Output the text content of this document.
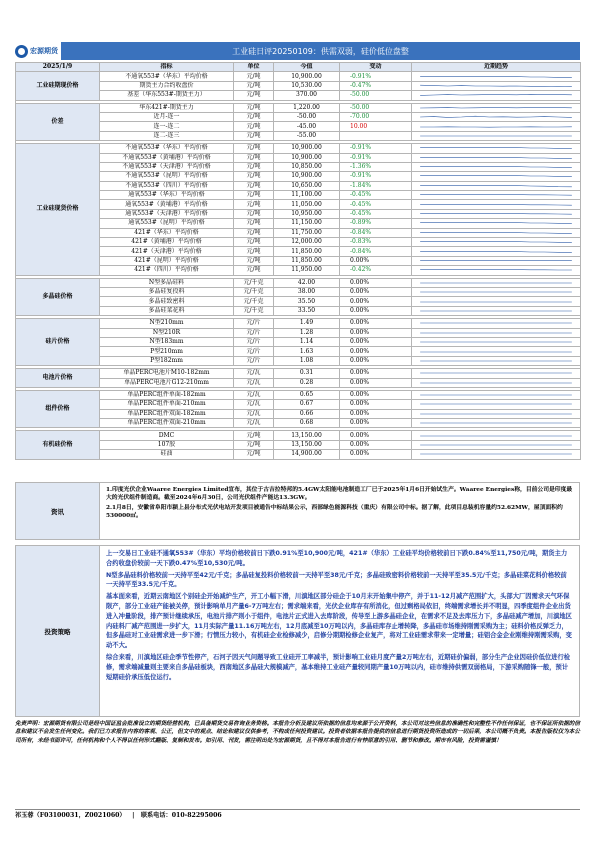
宏源期货	工业硅日评20250109：供需双弱，硅价低位盘整
2025/1/9	指标	单位	今值	变动	近期趋势
工业硅期现价格	不通氧553#（华东）平均价格	元/吨	10,900.00	-0.91%	

	期货主力合约收盘价	元/吨	10,530.00	-0.47%	

	基差（华东553#-期货主力）	元/吨	370.00	-50.00	

价差	华东421#-期货主力	元/吨	1,220.00	-50.00	

	近月-连一	元/吨	-50.00	-70.00	

	连一-连二	元/吨	-45.00	10.00	

	连二-连三	元/吨	-55.00		

工业硅现货价格	不通氧553#（华东）平均价格	元/吨	10,900.00	-0.91%	

	不通氧553#（黄埔港）平均价格	元/吨	10,900.00	-0.91%	

	不通氧553#（天津港）平均价格	元/吨	10,850.00	-1.36%	

	不通氧553#（昆明）平均价格	元/吨	10,900.00	-0.91%	

	不通氧553#（四川）平均价格	元/吨	10,650.00	-1.84%	

	通氧553#（华东）平均价格	元/吨	11,100.00	-0.45%	

	通氧553#（黄埔港）平均价格	元/吨	11,050.00	-0.45%	

	通氧553#（天津港）平均价格	元/吨	10,950.00	-0.45%	

	通氧553#（昆明）平均价格	元/吨	11,150.00	-0.89%	

	421#（华东）平均价格	元/吨	11,750.00	-0.84%	

	421#（黄埔港）平均价格	元/吨	12,000.00	-0.83%	

	421#（天津港）平均价格	元/吨	11,850.00	-0.84%	

	421#（昆明）平均价格	元/吨	11,850.00	0.00%	

	421#（四川）平均价格	元/吨	11,950.00	-0.42%	

多晶硅价格	N型多晶硅料	元/千克	42.00	0.00%	

	多晶硅复投料	元/千克	38.00	0.00%	

	多晶硅致密料	元/千克	35.50	0.00%	

	多晶硅菜花料	元/千克	33.50	0.00%	

硅片价格	N型210mm	元/片	1.49	0.00%	

	N型210R	元/片	1.28	0.00%	

	N型183mm	元/片	1.14	0.00%	

	P型210mm	元/片	1.63	0.00%	

	P型182mm	元/片	1.08	0.00%	

电池片价格	单晶PERC电池片M10-182mm	元/瓦	0.31	0.00%	

	单晶PERC电池片G12-210mm	元/瓦	0.28	0.00%	

组件价格	单晶PERC组件单面-182mm	元/瓦	0.65	0.00%	

	单晶PERC组件单面-210mm	元/瓦	0.67	0.00%	

	单晶PERC组件双面-182mm	元/瓦	0.66	0.00%	

	单晶PERC组件双面-210mm	元/瓦	0.68	0.00%	

有机硅价格	DMC	元/吨	13,150.00	0.00%	

	107胶	元/吨	13,150.00	0.00%	

	硅油	元/吨	14,900.00	0.00%	
资讯

1.印度光伏企业Waaree Energies Limited宣布，其位于古吉拉特邦的5.4GW太阳能电池制造工厂已于2025年1月6日开始试生产。Waaree Energies称，目前公司是印度最大的光伏组件制造商。截至2024年6月30日，公司光伏组件产能达13.3GW。

2.1月8日，安徽省阜阳市颍上县分布式光伏电站开发项目被通告中标结果公示，西部绿色能源科技（重庆）有限公司中标。据了解，此项目总装机容量约52.62MW，屋顶面积约530000㎡。

投资策略

上一交易日工业硅不通氧553#（华东）平均价格较前日下跌0.91%至10,900元/吨，421#（华东）工业硅平均价格较前日下跌0.84%至11,750元/吨，期货主力合约收盘价较前一天下跌0.47%至10,530元/吨。

N型多晶硅料价格较前一天持平至42元/千克；多晶硅复投料价格较前一天持平至38元/千克；多晶硅致密料价格较前一天持平至35.5元/千克；多晶硅菜花料价格较前一天持平至33.5元/千克。

基本面来看，近期云南地区个别硅企开始减炉生产，开工小幅下滑，川滇地区部分硅企于10月末开始集中停产，并于11-12月减产范围扩大，头部大厂因需求天气环保限产，部分工业硅产能被关停，预计影响单月产量6-7万吨左右；需求端来看，光伏企业库存有所消化，但过剩格局依旧，终端需求增长并不明显，四季度组件企业出货进入冲量阶段，排产预计继续承压，电池片排产则小于组件，电池片正式进入去库阶段，传导至上游多晶硅企业，在需求不足及去库压力下，多晶硅减产增加，川滇地区内硅料厂减产范围进一步扩大，11月实际产量11.16万吨左右，12月底减至10万吨以内，多晶硅库存止增转降，多晶硅市场维持刚需采购为主；硅料价格反弹乏力，但多晶硅对工业硅需求进一步下滑；行情压力较小，有机硅企业检修减少，启修分期期检修企业复产，将对工业硅需求带来一定增量；硅铝合金企业刚维持刚需采购，变动不大。

综合来看，川滇地区硅企季节性停产，石河子因天气问题导致工业硅开工率减半，预计影响工业硅月度产量2万吨左右，近期硅价偏弱，部分生产企业因硅价低位进行检修，需求端减量则主要来自多晶硅板块，西南地区多晶硅大规模减产，基本维持工业硅产量较同期产量10万吨以内，硅市维持供需双弱格局，下游采购随锋一般，预计短期硅价承压低位运行。

免责声明：宏源期货有限公司是经中国证监会批准设立的期货经营机构，已具备期货交易咨询业务资格。本报告分析及建议所依据的信息均来源于公开资料，本公司对这些信息的准确性和完整性不作任何保证，也不保证所依据的信息和建议不会发生任何变化。我们已力求报告内容的客观、公正，但文中的观点、结论和建议仅供参考，不构成任何投资建议。投资者依据本报告提供的信息进行期货投资所造成的一切后果，本公司概不负责。本报告版权仅为本公司所有，未经书面许可，任何机构和个人不得以任何形式翻版、复制和发布。如引用、刊发，需注明出处为宏源期货，且不得对本报告进行有悖原意的引用、删节和修改。期市有风险，投资需谨慎！
祁玉蓉（F03100031，Z0021060）   |   联系电话：010-82295006
